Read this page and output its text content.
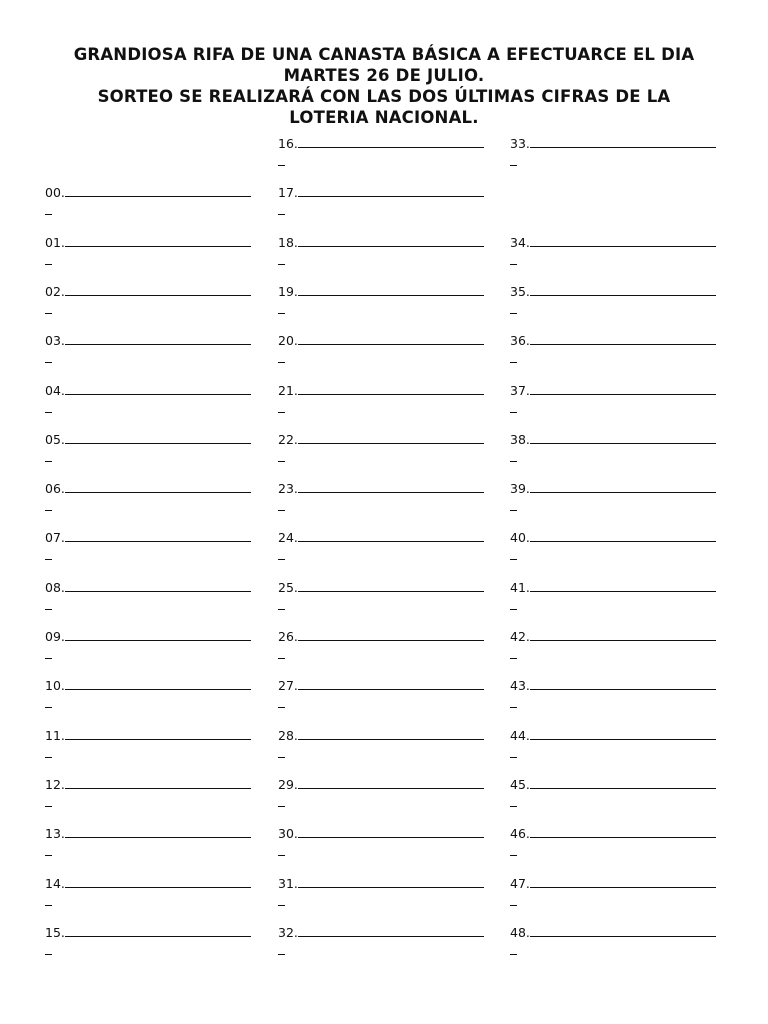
GRANDIOSA RIFA DE UNA CANASTA BÁSICA A EFECTUARCE EL DIA
MARTES 26 DE JULIO.
SORTEO SE REALIZARÁ CON LAS DOS ÚLTIMAS CIFRAS DE LA
LOTERIA NACIONAL.
00.
01.
02.
03.
04.
05.
06.
07.
08.
09.
10.
11.
12.
13.
14.
15.
16.
17.
18.
19.
20.
21.
22.
23.
24.
25.
26.
27.
28.
29.
30.
31.
32.
33.
34.
35.
36.
37.
38.
39.
40.
41.
42.
43.
44.
45.
46.
47.
48.
